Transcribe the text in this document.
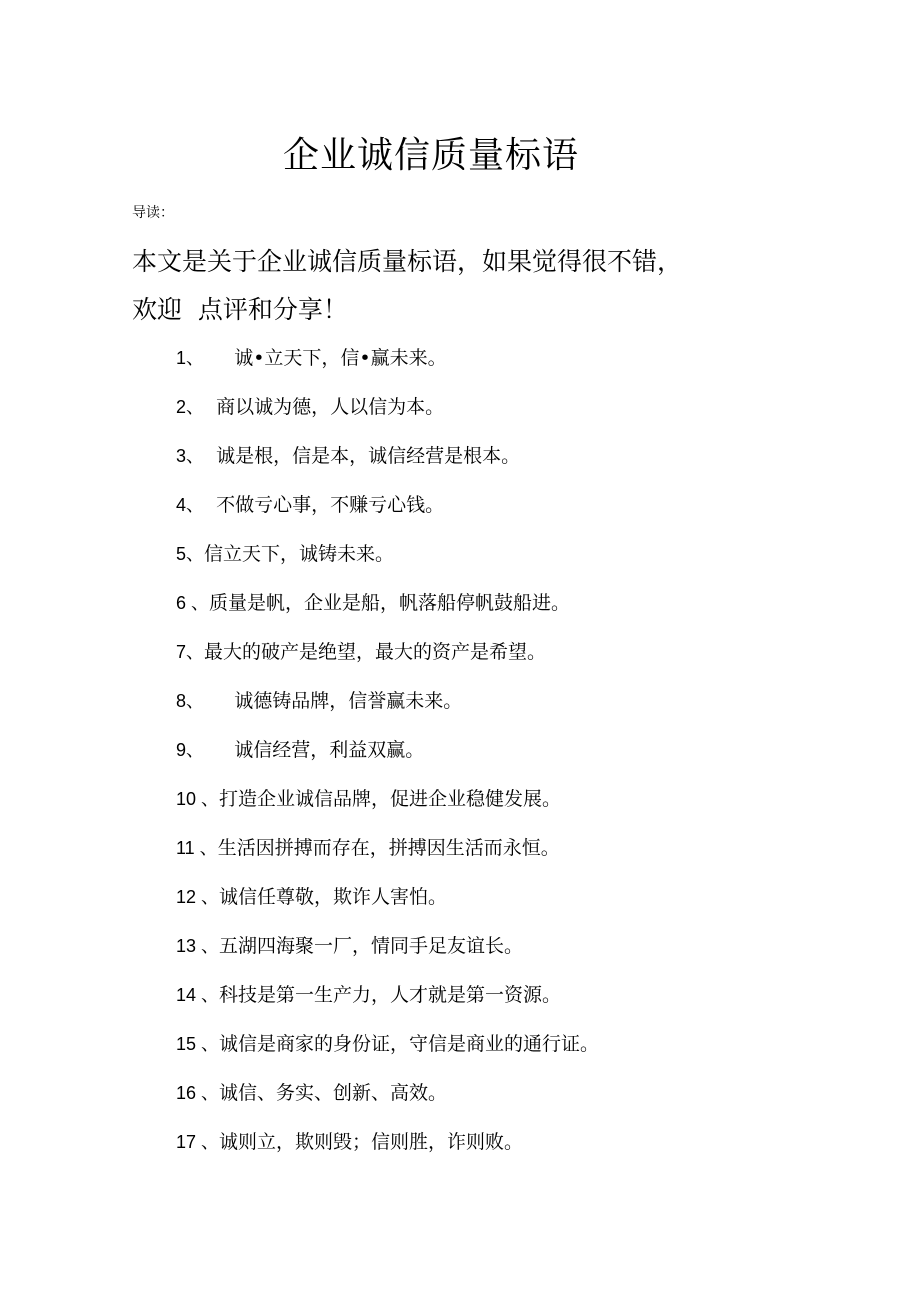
企业诚信质量标语
导读：

本文是关于企业诚信质量标语，如果觉得很不错，
欢迎  点评和分享！

1、 诚•立天下，信•赢未来。
2、 商以诚为德，人以信为本。
3、 诚是根，信是本，诚信经营是根本。
4、 不做亏心事，不赚亏心钱。
5、信立天下，诚铸未来。
6 、质量是帆，企业是船，帆落船停帆鼓船进。
7、最大的破产是绝望，最大的资产是希望。
8、 诚德铸品牌，信誉赢未来。
9、 诚信经营，利益双赢。
10 、打造企业诚信品牌，促进企业稳健发展。
11 、生活因拼搏而存在，拼搏因生活而永恒。
12 、诚信任尊敬，欺诈人害怕。
13 、五湖四海聚一厂，情同手足友谊长。
14 、科技是第一生产力，人才就是第一资源。
15 、诚信是商家的身份证，守信是商业的通行证。
16 、诚信、务实、创新、高效。
17 、诚则立，欺则毁；信则胜，诈则败。
